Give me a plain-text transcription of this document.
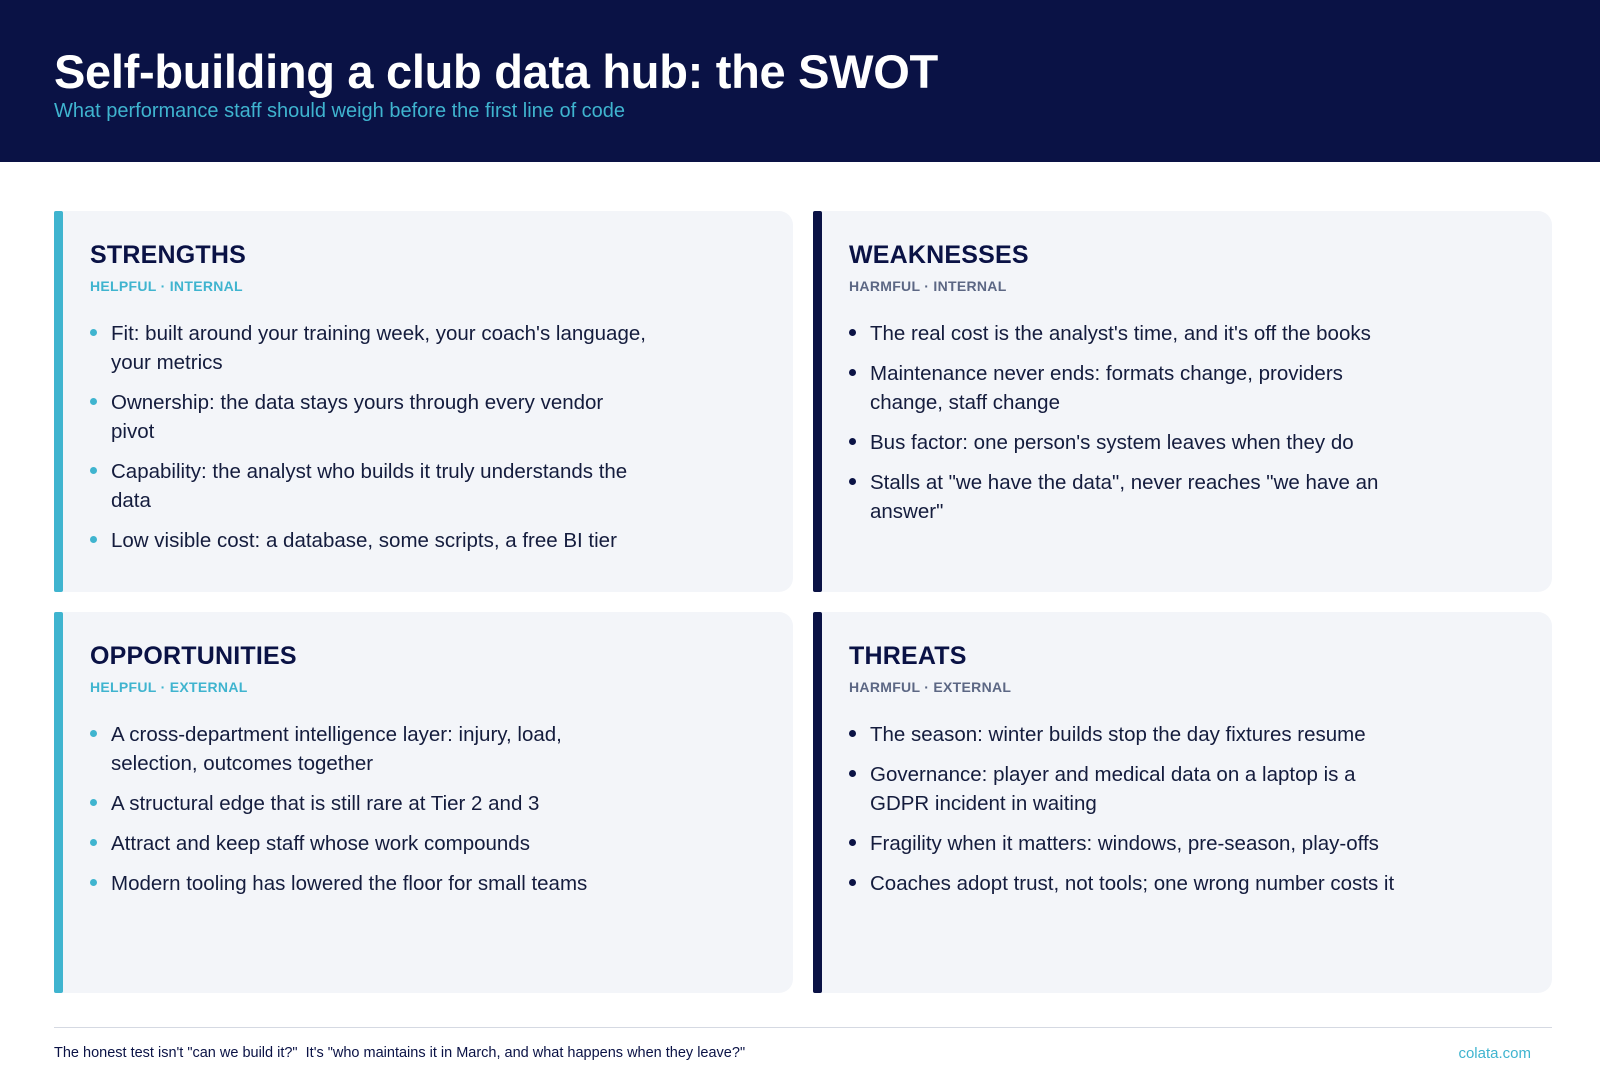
Self-building a club data hub: the SWOT
What performance staff should weigh before the first line of code
STRENGTHS
HELPFUL · INTERNAL
Fit: built around your training week, your coach's language, your metrics
Ownership: the data stays yours through every vendor pivot
Capability: the analyst who builds it truly understands the data
Low visible cost: a database, some scripts, a free BI tier
WEAKNESSES
HARMFUL · INTERNAL
The real cost is the analyst's time, and it's off the books
Maintenance never ends: formats change, providers change, staff change
Bus factor: one person's system leaves when they do
Stalls at "we have the data", never reaches "we have an answer"
OPPORTUNITIES
HELPFUL · EXTERNAL
A cross-department intelligence layer: injury, load, selection, outcomes together
A structural edge that is still rare at Tier 2 and 3
Attract and keep staff whose work compounds
Modern tooling has lowered the floor for small teams
THREATS
HARMFUL · EXTERNAL
The season: winter builds stop the day fixtures resume
Governance: player and medical data on a laptop is a GDPR incident in waiting
Fragility when it matters: windows, pre-season, play-offs
Coaches adopt trust, not tools; one wrong number costs it
The honest test isn't "can we build it?"  It's "who maintains it in March, and what happens when they leave?"	colata.com
